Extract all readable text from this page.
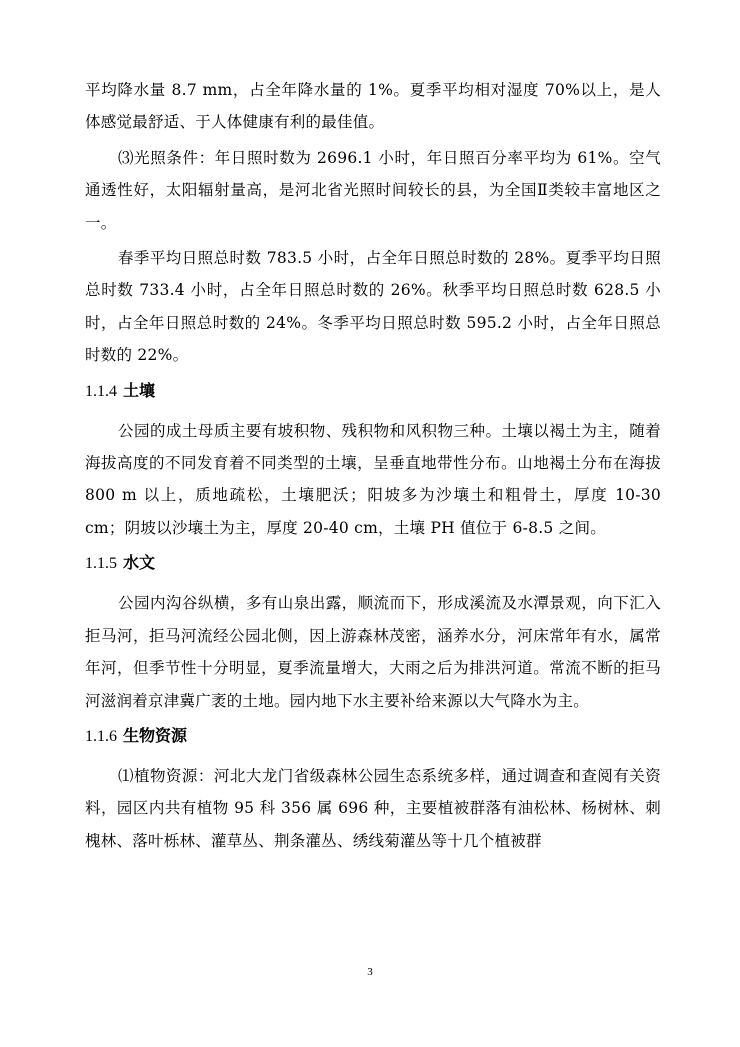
平均降水量 8.7 mm，占全年降水量的 1%。夏季平均相对湿度 70%以上，是人体感觉最舒适、于人体健康有利的最佳值。

⑶光照条件：年日照时数为 2696.1 小时，年日照百分率平均为 61%。空气通透性好，太阳辐射量高，是河北省光照时间较长的县，为全国Ⅱ类较丰富地区之一。

春季平均日照总时数 783.5 小时，占全年日照总时数的 28%。夏季平均日照总时数 733.4 小时，占全年日照总时数的 26%。秋季平均日照总时数 628.5 小时，占全年日照总时数的 24%。冬季平均日照总时数 595.2 小时，占全年日照总时数的 22%。

1.1.4 土壤

公园的成土母质主要有坡积物、残积物和风积物三种。土壤以褐土为主，随着海拔高度的不同发育着不同类型的土壤，呈垂直地带性分布。山地褐土分布在海拔 800 m 以上，质地疏松，土壤肥沃；阳坡多为沙壤土和粗骨土，厚度 10-30 cm；阴坡以沙壤土为主，厚度 20-40 cm，土壤 PH 值位于 6-8.5 之间。

1.1.5 水文

公园内沟谷纵横，多有山泉出露，顺流而下，形成溪流及水潭景观，向下汇入拒马河，拒马河流经公园北侧，因上游森林茂密，涵养水分，河床常年有水，属常年河，但季节性十分明显，夏季流量增大，大雨之后为排洪河道。常流不断的拒马河滋润着京津冀广袤的土地。园内地下水主要补给来源以大气降水为主。

1.1.6 生物资源

⑴植物资源：河北大龙门省级森林公园生态系统多样，通过调查和查阅有关资料，园区内共有植物 95 科 356 属 696 种，主要植被群落有油松林、杨树林、刺槐林、落叶栎林、灌草丛、荆条灌丛、绣线菊灌丛等十几个植被群

3
